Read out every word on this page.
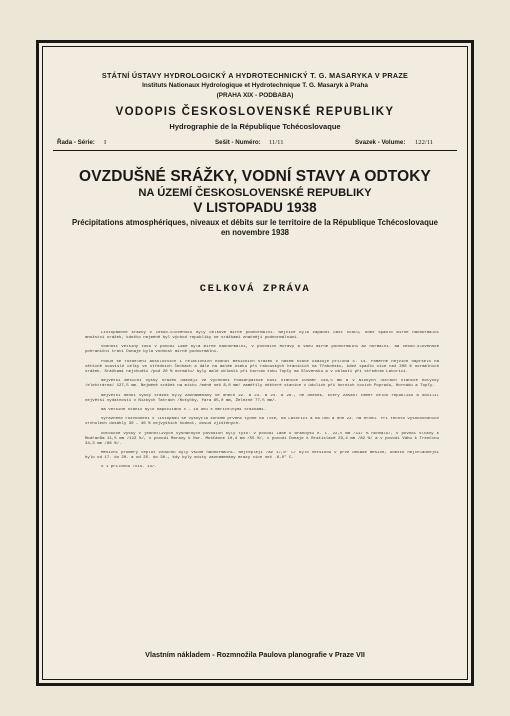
STÁTNÍ ÚSTAVY HYDROLOGICKÝ A HYDROTECHNICKÝ T. G. MASARYKA V PRAZE
Instituts Nationaux Hydrologique et Hydrotechnique T. G. Masaryk à Praha
(PRAHA XIX - PODBABA)
VODOPIS ČESKOSLOVENSKÉ REPUBLIKY
Hydrographie de la République Tchécoslovaque
Řada - Série: I	Sešit - Numéro: 11/11	Svazek - Volume: 122/11
OVZDUŠNÉ SRÁŽKY, VODNÍ STAVY A ODTOKY
NA ÚZEMÍ ČESKOSLOVENSKÉ REPUBLIKY
V LISTOPADU 1938
Précipitations atmosphériques, niveaux et débits sur le territoire de la République Tchécoslovaque
en novembre 1938
CELKOVÁ ZPRÁVA

Listopadové srážky v Česko-Slovensku byly celkově mírně podnormální. Nejvíce byla západní část státu, kdež spadlo mírně nadnormální množství srážek, kdežto nejméně byl východ republiky se srážkami značněji podnormálními.

Vodnost většiny toků v povodí Labe byla mírně nadnormální, v povodích Moravy a Váhu mírně podnormální až normální. Na česko-slovenské pohraniční trati Dunaje byla vodnost mírně podnormální.

Pokud se rozdělení absolutních i relativních hodnot měsíčních srážek v našem státě ukazuje příloha č. 14. Poměrně nejvíce napršelo na většině souvislé celky ve středních Čechách a dále na malém úseku při rakouských hranicích na Třeboňsku, kdež spadlo více než 200 % normálních srážek. Srážkami nejchudší /pod 20 % normálu/ byly malé oblasti při horním toku Topľy na Slovensku a v oblasti při středním Latorici.

Největší měsíční výšky srážek udávají ve východní Podkarpatské Rusi stanice Dúsmer 148,5 mm a v Nízkých Tatrách stanice Kotyčky /elektrárna/ 127,5 mm. Nejméně srážek na místo /méně než 8,0 mm/ zaměřily některé stanice v údolích při horních tocích Popradu, Hornádu a Topľy.

Největší denní výšky srážek byly zaznamenány ve dnech 22. a 23. a 24. a 26., ne dnešek, který zasáhl téměř celou republiku a docílil největší vydatnosti v Nízkých Tatrách /Kotyčky, fara 65,0 mm, Železné 77,5 mm/.

Na většině stanic bylo napočítáno 5 – 18 dnů s měřitelnými srážkami.

Výrazného rozvodnění v listopadu se vyskytla koncem prvého týdne na Tise, na Latorici a na Uhu a dne 23. na Hronu. Při těchto vysokovodních vrcholech dosáhly 30 – 40 % nejvyšších hodnot, dosud zjištěných.

Odtokové výšky v jednotlivých výsnačných povodích byly tyto: v povodí Labe k Brandýsu n. L. 22,5 mm /137 % normálu/, v povodí Vltavy k Modřanům 11,5 mm /112 %/, v povodí Moravy k Hor. Mošťánce 10,4 mm /55 %/, v povodí Dunaje k Bratislavě 23,4 mm /82 %/ a v povodí Váhu k Trenčínu 34,3 mm /98 %/.

Měsíční průměry teplot vzduchu byly všude nadnormální. Nejteplejí /až 17,0° C/ bylo většinou v prvé dekádě měsíce, kdežto nejchladnější bylo od 17. do 20. a od 25. do 30., kdy byly místy zaznamenány mrazy více než -6,0° C.

S 1 přílohou /čís. 14/.

Vlastním nákladem - Rozmnožila Paulova planografie v Praze VII
